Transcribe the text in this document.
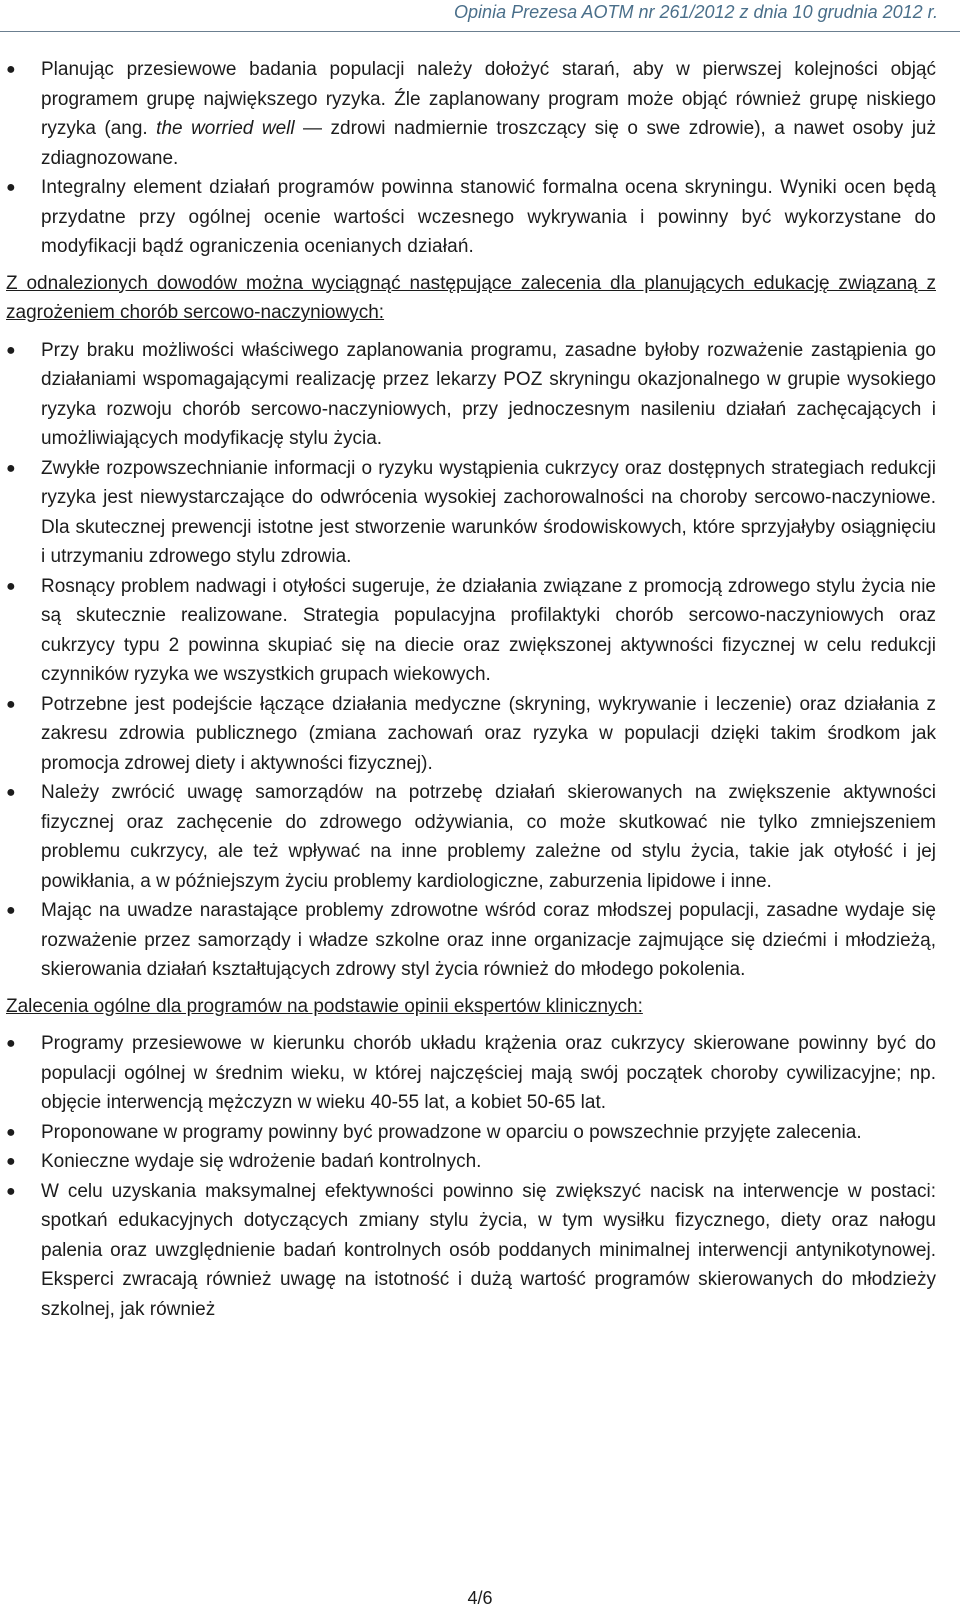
Opinia Prezesa AOTM nr 261/2012 z dnia 10 grudnia 2012 r.
●	Planując przesiewowe badania populacji należy dołożyć starań, aby w pierwszej kolejności objąć programem grupę największego ryzyka. Źle zaplanowany program może objąć również grupę niskiego ryzyka (ang. the worried well — zdrowi nadmiernie troszczący się o swe zdrowie), a nawet osoby już zdiagnozowane.
●	Integralny element działań programów powinna stanowić formalna ocena skryningu. Wyniki ocen będą przydatne przy ogólnej ocenie wartości wczesnego wykrywania i powinny być wykorzystane do modyfikacji bądź ograniczenia ocenianych działań.
Z odnalezionych dowodów można wyciągnąć następujące zalecenia dla planujących edukację związaną z zagrożeniem chorób sercowo-naczyniowych:
●	Przy braku możliwości właściwego zaplanowania programu, zasadne byłoby rozważenie zastąpienia go działaniami wspomagającymi realizację przez lekarzy POZ skryningu okazjonalnego w grupie wysokiego ryzyka rozwoju chorób sercowo-naczyniowych, przy jednoczesnym nasileniu działań zachęcających i umożliwiających modyfikację stylu życia.
●	Zwykłe rozpowszechnianie informacji o ryzyku wystąpienia cukrzycy oraz dostępnych strategiach redukcji ryzyka jest niewystarczające do odwrócenia wysokiej zachorowalności na choroby sercowo-naczyniowe. Dla skutecznej prewencji istotne jest stworzenie warunków środowiskowych, które sprzyjałyby osiągnięciu i utrzymaniu zdrowego stylu zdrowia.
●	Rosnący problem nadwagi i otyłości sugeruje, że działania związane z promocją zdrowego stylu życia nie są skutecznie realizowane. Strategia populacyjna profilaktyki chorób sercowo-naczyniowych oraz cukrzycy typu 2 powinna skupiać się na diecie oraz zwiększonej aktywności fizycznej w celu redukcji czynników ryzyka we wszystkich grupach wiekowych.
●	Potrzebne jest podejście łączące działania medyczne (skryning, wykrywanie i leczenie) oraz działania z zakresu zdrowia publicznego (zmiana zachowań oraz ryzyka w populacji dzięki takim środkom jak promocja zdrowej diety i aktywności fizycznej).
●	Należy zwrócić uwagę samorządów na potrzebę działań skierowanych na zwiększenie aktywności fizycznej oraz zachęcenie do zdrowego odżywiania, co może skutkować nie tylko zmniejszeniem problemu cukrzycy, ale też wpływać na inne problemy zależne od stylu życia, takie jak otyłość i jej powikłania, a w późniejszym życiu problemy kardiologiczne, zaburzenia lipidowe i inne.
●	Mając na uwadze narastające problemy zdrowotne wśród coraz młodszej populacji, zasadne wydaje się rozważenie przez samorządy i władze szkolne oraz inne organizacje zajmujące się dziećmi i młodzieżą, skierowania działań kształtujących zdrowy styl życia również do młodego pokolenia.
Zalecenia ogólne dla programów na podstawie opinii ekspertów klinicznych:
●	Programy przesiewowe w kierunku chorób układu krążenia oraz cukrzycy skierowane powinny być do populacji ogólnej w średnim wieku, w której najczęściej mają swój początek choroby cywilizacyjne; np. objęcie interwencją mężczyzn w wieku 40-55 lat, a kobiet 50-65 lat.
●	Proponowane w programy powinny być prowadzone w oparciu o powszechnie przyjęte zalecenia.
●	Konieczne wydaje się wdrożenie badań kontrolnych.
●	W celu uzyskania maksymalnej efektywności powinno się zwiększyć nacisk na interwencje w postaci: spotkań edukacyjnych dotyczących zmiany stylu życia, w tym wysiłku fizycznego, diety oraz nałogu palenia oraz uwzględnienie badań kontrolnych osób poddanych minimalnej interwencji antynikotynowej. Eksperci zwracają również uwagę na istotność i dużą wartość programów skierowanych do młodzieży szkolnej, jak również
4/6
